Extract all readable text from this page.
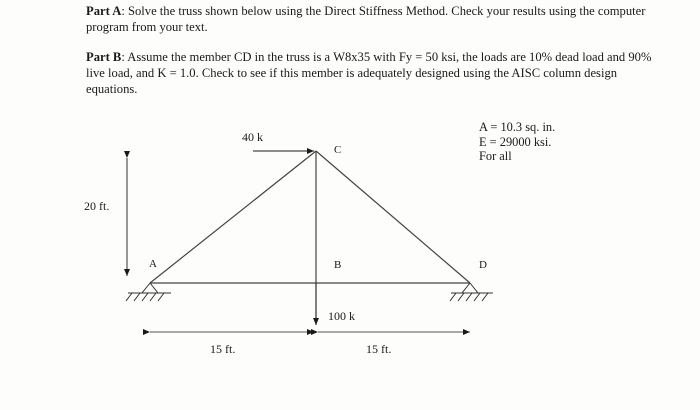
Part A: Solve the truss shown below using the Direct Stiffness Method. Check your results using the computer program from your text.
Part B: Assume the member CD in the truss is a W8x35 with Fy = 50 ksi, the loads are 10% dead load and 90% live load, and K = 1.0. Check to see if this member is adequately designed using the AISC column design equations.
40 k
C
A	B	D
20 ft.
100 k
15 ft.	15 ft.
A = 10.3 sq. in.
E = 29000 ksi.
For all
